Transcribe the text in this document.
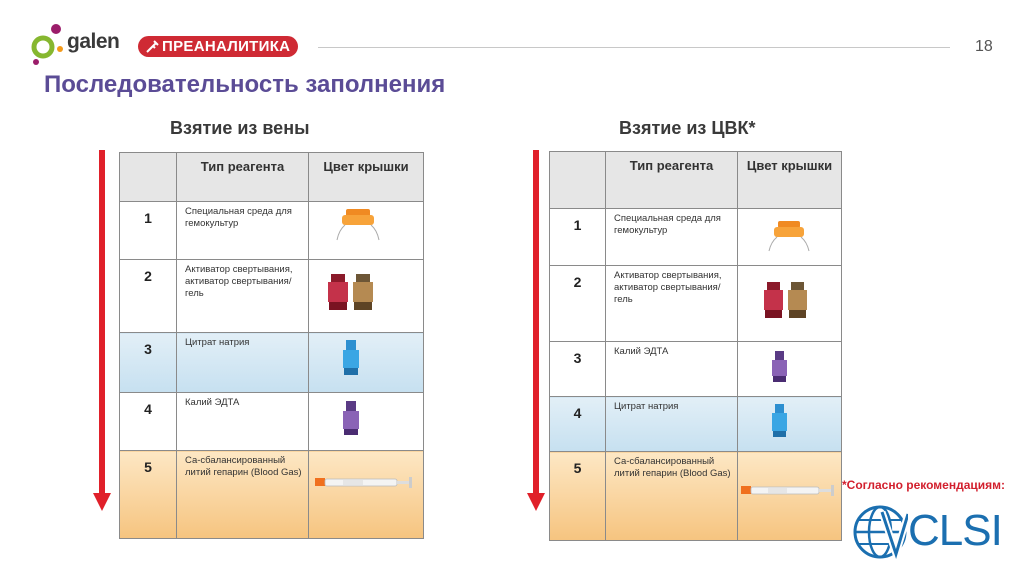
galen	ПРЕАНАЛИТИКА	18
Последовательность заполнения
Взятие из вены	Взятие из ЦВК*
	Тип реагента	Цвет крышки
1	Специальная среда для гемокультур	
2	Активатор свертывания, активатор свертывания/гель	
3	Цитрат натрия	
4	Калий ЭДТА	
5	Са-сбалансированный литий гепарин (Blood Gas)	
	Тип реагента	Цвет крышки
1	Специальная среда для гемокультур	
2	Активатор свертывания, активатор свертывания/гель	
3	Калий ЭДТА	
4	Цитрат натрия	
5	Са-сбалансированный литий гепарин (Blood Gas)	
*Согласно рекомендациям:
CLSI
